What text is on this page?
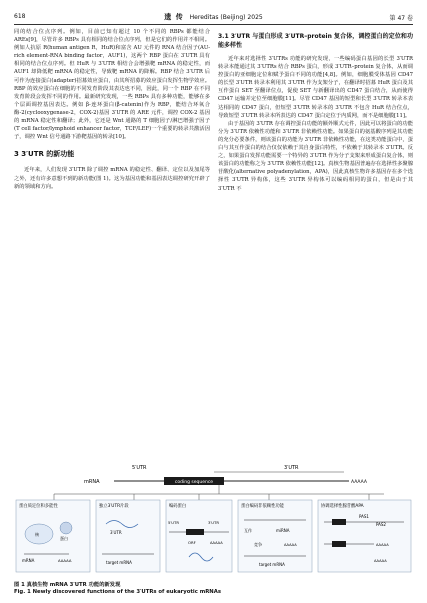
618	遗 传 Hereditas (Beijing) 2025	第 47 卷

同的结合位点序列。例如，目前已知有超过 10 个不同的 RBPs 都能结合 AREs[9]，尽管许多 RBPs 具有相同的结合位点序列，但是它们的作用并不相同。例如人抗原 R(human antigen R，HuR)和富含 AU 元件的 RNA 结合因子(AU-rich element-RNA binding factor，AUF1)，这两个 RBP 蛋白在 3′UTR 具有相同的结合位点序列。但 HuR 与 3′UTR 相结合会增强靶 mRNA 的稳定性，而 AUF1 却降低靶 mRNA 的稳定性，导致靶 mRNA 的降解。RBP 结合 3′UTR 后可作为连接蛋白(adapter)招募效应蛋白，由其所招募的效应蛋白发挥生物学效应。RBP 的效应蛋白在细胞的不同发育阶段其表达也不同，因此，同一个 RBP 在不同发育阶段会发挥不同的作用。最新研究发现，一些 RBPs 具有多种功能，能够在多个层面调控基因表达。例如 β-连环蛋白(β-catenin)作为 RBP，能结合环氧合酶-2(cyclooxygenase-2，COX-2)基因 3′UTR 的 ARE 元件，调控 COX-2 基因的 mRNA 稳定性和翻译；此外，它还是 Wnt 通路的 T 细胞因子/淋巴增强子因子(T cell factor/lymphoid enhancer factor，TCF/LEF)一个重要的转录共激活因子，调控 Wnt 信号通路下游靶基因的转录[10]。

3 3′UTR 的新功能

近年来，人们发现 3′UTR 除了调控 mRNA 的稳定性、翻译、定位以及加尾等之外，还有许多意想不到的新功能(图 1)。这为基因功能和基因表达调控研究开辟了新的领域和方向。

3.1 3′UTR 与蛋白形成 3′UTR–protein 复合体，调控蛋白的定位和功能多样性

近年来对选择性 3′UTRs 功能的研究发现，一些编码蛋白基因的长型 3′UTR 转录本能通过其 3′UTRs 结合 RBPs 蛋白，形成 3′UTR–protein 复合体，从而调控蛋白的亚细胞定位和赋予蛋白不同的功能[4,8]。例如，细胞膜受体基因 CD47 的长型 3′UTR 转录本利用其 3′UTR 作为支架分子，在翻译时招募 HuR 蛋白及其互作蛋白 SET 至翻译位点，促使 SET 与新翻译出的 CD47 蛋白结合，从而使得 CD47 运输并定位至细胞膜[11]。尽管 CD47 基因的短型和长型 3′UTR 转录本表达相同的 CD47 蛋白，但短型 3′UTR 转录本的 3′UTR 不包含 HuR 结合位点，导致短型 3′UTR 转录本所表达的 CD47 蛋白定位于内质网，而不是细胞膜[11]。

由于基因的 3′UTR 存在调控蛋白功能的额外顺式元件，因此可以将蛋白的功能分为 3′UTR 依赖性功能和 3′UTR 非依赖性功能。如果蛋白的氨基酸序列是其功能的充分必要条件，则该蛋白的功能为 3′UTR 非依赖性功能，在这类功能蛋白中，蛋白与其互作蛋白的结合仅仅依赖于其自身蛋白特性，不依赖于其转录本 3′UTR。反之，如果蛋白发挥功能需要一个特异的 3′UTR 作为分子支架来形成蛋白复合体，则该蛋白的功能称之为 3′UTR 依赖性功能[12]。真核生物基因普遍存在选择性多聚腺苷酸化(alternative polyadenylation，APA)，因此真核生物许多基因存在多个选择性 3′UTR 异构体，这些 3′UTR 异构体可以编码相同的蛋白，但是由于其 3′UTR 不

5′UTR	3′UTR
mRNA	coding sequence	AAAAA
蛋白质定位和多能性
核
mRNA
蛋白
AAAAA
独立3′UTR片段
3′UTR
target mRNA
编码蛋白
5′UTR	3′UTR
ORF	AAAAA
蛋白编码非依赖性功能
互作	miRNA
竞争	AAAAA
target mRNA
协调选择性腺苷酸APA
PAS1
PAS2
AAAAA
AAAAA
图 1 真核生物 mRNA 3′UTR 功能的新发现
Fig. 1 Newly discovered functions of the 3′UTRs of eukaryotic mRNAs
